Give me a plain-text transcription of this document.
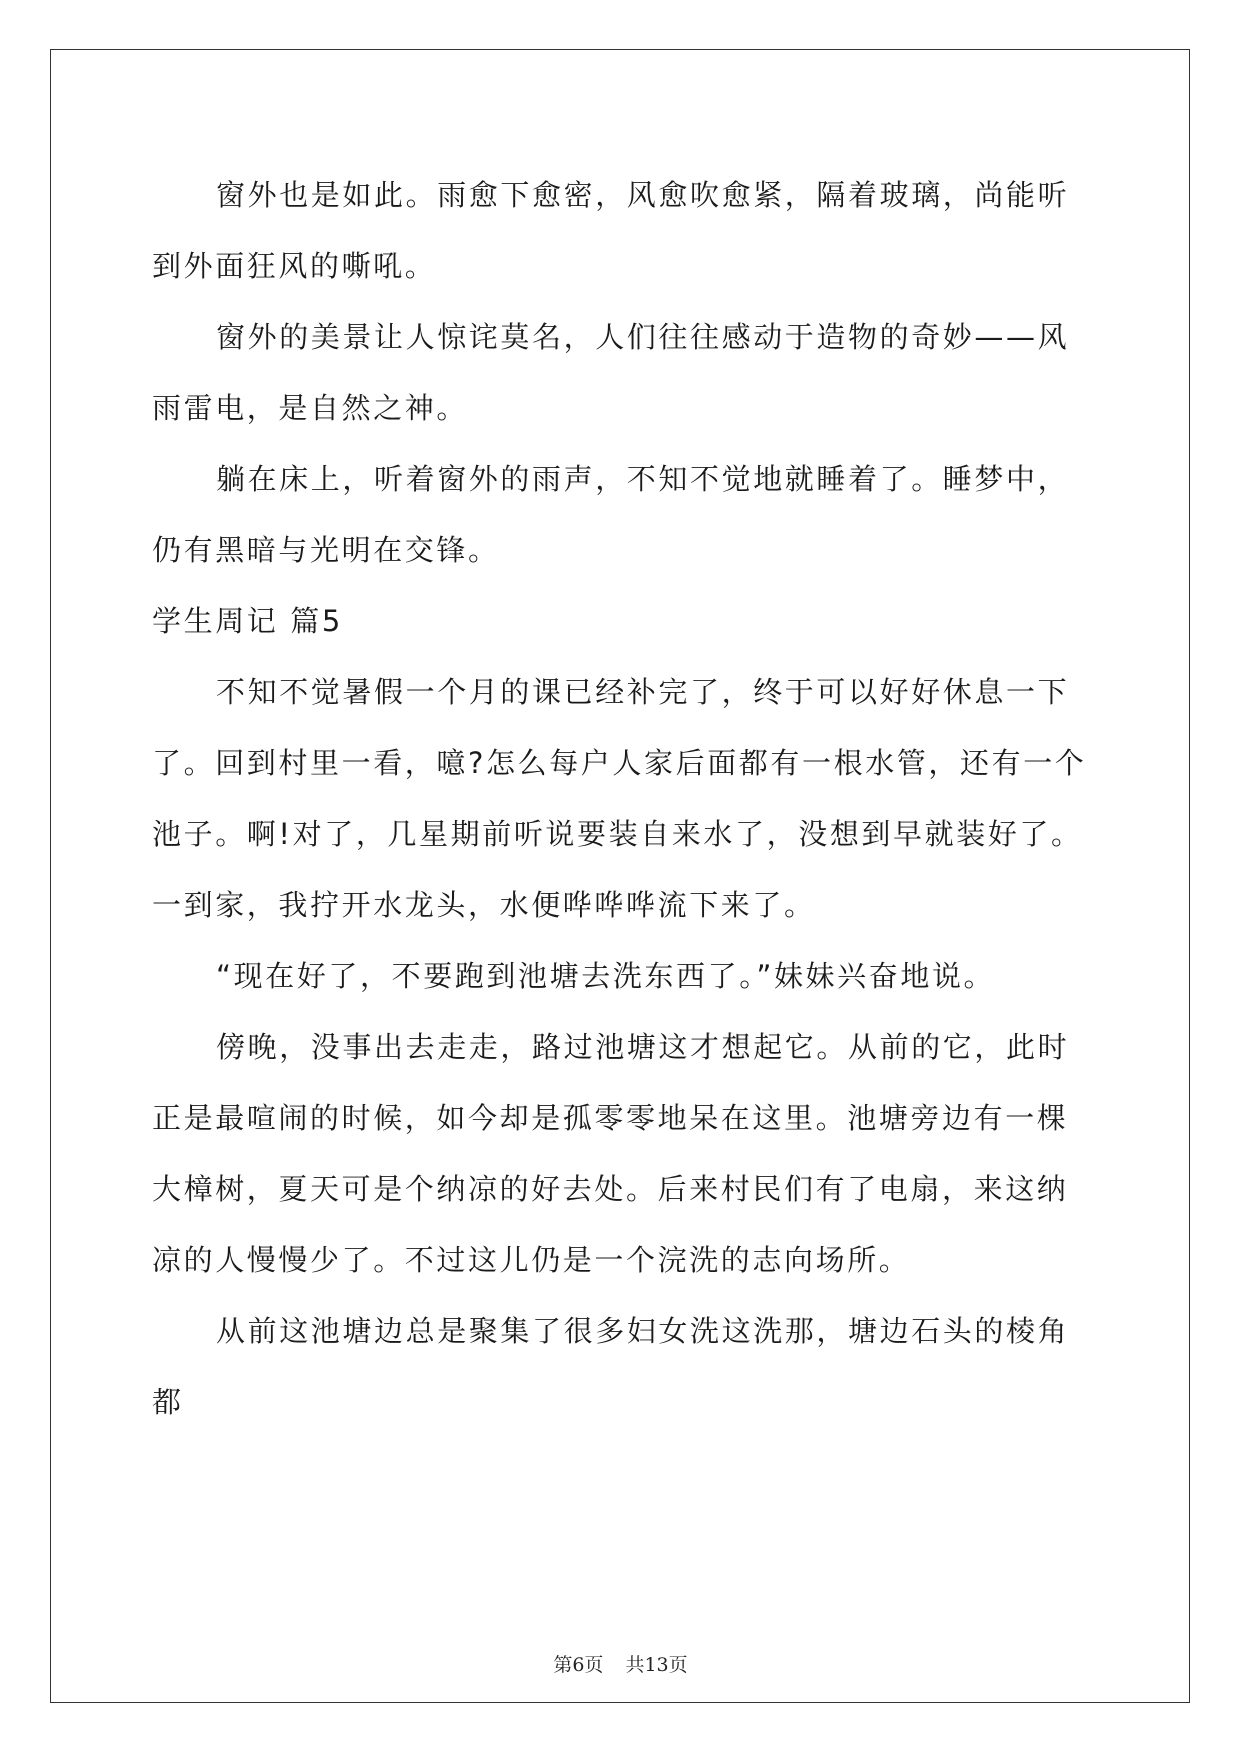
窗外也是如此。雨愈下愈密，风愈吹愈紧，隔着玻璃，尚能听到外面狂风的嘶吼。

窗外的美景让人惊诧莫名，人们往往感动于造物的奇妙——风雨雷电，是自然之神。

躺在床上，听着窗外的雨声，不知不觉地就睡着了。睡梦中，仍有黑暗与光明在交锋。

学生周记 篇5

不知不觉暑假一个月的课已经补完了，终于可以好好休息一下了。回到村里一看，噫?怎么每户人家后面都有一根水管，还有一个池子。啊!对了，几星期前听说要装自来水了，没想到早就装好了。一到家，我拧开水龙头，水便哗哗哗流下来了。

“现在好了，不要跑到池塘去洗东西了。”妹妹兴奋地说。

傍晚，没事出去走走，路过池塘这才想起它。从前的它，此时正是最喧闹的时候，如今却是孤零零地呆在这里。池塘旁边有一棵大樟树，夏天可是个纳凉的好去处。后来村民们有了电扇，来这纳凉的人慢慢少了。不过这儿仍是一个浣洗的志向场所。

从前这池塘边总是聚集了很多妇女洗这洗那，塘边石头的棱角都

第6页 共13页
